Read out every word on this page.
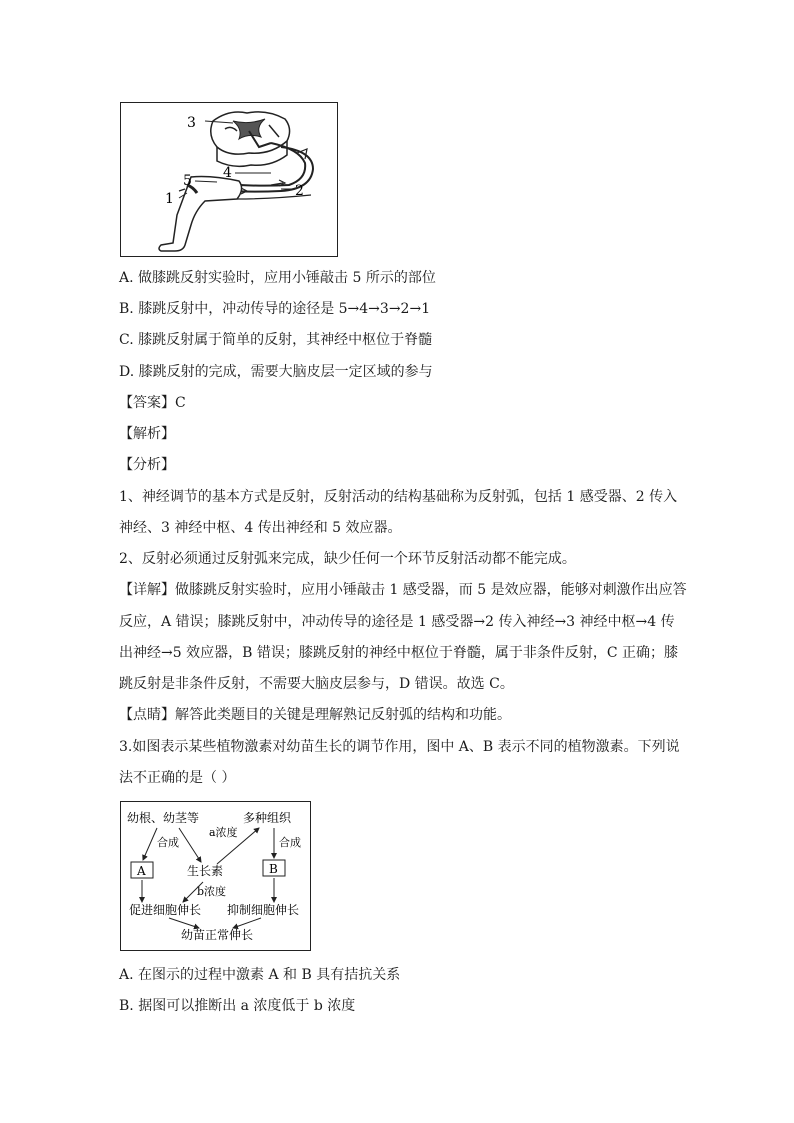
3
4
5
1	2
A. 做膝跳反射实验时，应用小锤敲击 5 所示的部位
B. 膝跳反射中，冲动传导的途径是 5→4→3→2→1
C. 膝跳反射属于简单的反射，其神经中枢位于脊髓
D. 膝跳反射的完成，需要大脑皮层一定区域的参与
【答案】C
【解析】
【分析】
1、神经调节的基本方式是反射，反射活动的结构基础称为反射弧，包括 1 感受器、2 传入
神经、3 神经中枢、4 传出神经和 5 效应器。
2、反射必须通过反射弧来完成，缺少任何一个环节反射活动都不能完成。
【详解】做膝跳反射实验时，应用小锤敲击 1 感受器，而 5 是效应器，能够对刺激作出应答
反应，A 错误；膝跳反射中，冲动传导的途径是 1 感受器→2 传入神经→3 神经中枢→4 传
出神经→5 效应器，B 错误；膝跳反射的神经中枢位于脊髓，属于非条件反射，C 正确；膝
跳反射是非条件反射，不需要大脑皮层参与，D 错误。故选 C。
【点睛】解答此类题目的关键是理解熟记反射弧的结构和功能。
3.如图表示某些植物激素对幼苗生长的调节作用，图中 A、B 表示不同的植物激素。下列说
法不正确的是（ ）
幼根、幼茎等	多种组织
合成
a浓度
合成
A	B
生长素
b浓度
促进细胞伸长 抑制细胞伸长
幼苗正常伸长
A. 在图示的过程中激素 A 和 B 具有拮抗关系
B. 据图可以推断出 a 浓度低于 b 浓度
